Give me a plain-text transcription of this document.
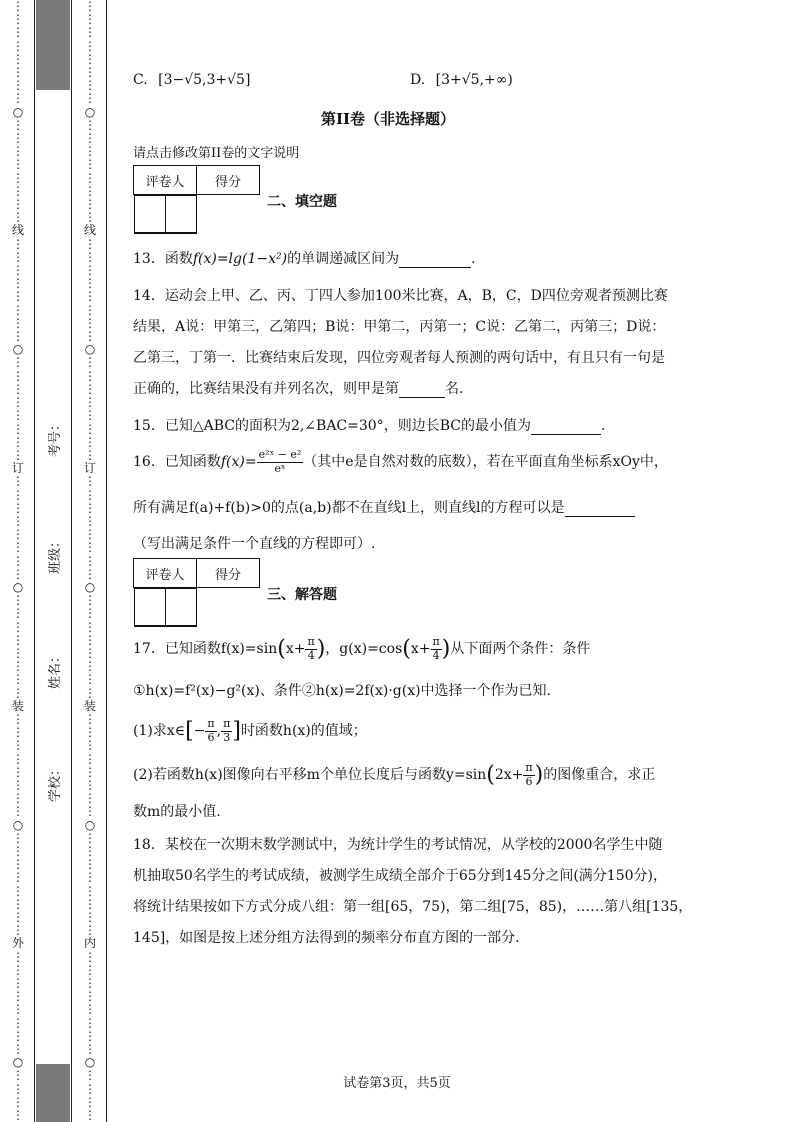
⋮
⋮
⋮
⋮
⋮
⋮
⋮
⋮
○
⋮
⋮
⋮
⋮
⋮
⋮
⋮
⋮
线
⋮
⋮
⋮
⋮
⋮
⋮
⋮
⋮
○
⋮
⋮
⋮
⋮
⋮
⋮
⋮
⋮
订
⋮
⋮
⋮
⋮
⋮
⋮
⋮
⋮
○
⋮
⋮
⋮
⋮
⋮
⋮
⋮
⋮
装
⋮
⋮
⋮
⋮
⋮
⋮
⋮
⋮
○
⋮
⋮
⋮
⋮
⋮
⋮
⋮
⋮
外
⋮
⋮
⋮
⋮
⋮
⋮
⋮
⋮
○
⋮
⋮
⋮
⋮
⋮
⋮
⋮
⋮
⋮
⋮
⋮
⋮
○
⋮
⋮
⋮
⋮
⋮
⋮
⋮
⋮
线
⋮
⋮
⋮
⋮
⋮
⋮
⋮
⋮
○
⋮
⋮
⋮
⋮
⋮
⋮
⋮
⋮
订
⋮
⋮
⋮
⋮
⋮
⋮
⋮
⋮
○
⋮
⋮
⋮
⋮
⋮
⋮
⋮
⋮
装
⋮
⋮
⋮
⋮
⋮
⋮
⋮
⋮
○
⋮
⋮
⋮
⋮
⋮
⋮
⋮
⋮
内
⋮
⋮
⋮
⋮
⋮
⋮
⋮
⋮
○
⋮
⋮
⋮
⋮
考号：
班级：
姓名：
学校：
C. [3−√5,3+√5]	D. [3+√5,+∞)
第II卷（非选择题）
请点击修改第II卷的文字说明
评卷人	得分

二、填空题
13．函数f(x)=lg(1−x²)的单调递减区间为	.
14．运动会上甲、乙、丙、丁四人参加100米比赛，A，B，C，D四位旁观者预测比赛
结果，A说：甲第三，乙第四；B说：甲第二，丙第一；C说：乙第二，丙第三；D说：
乙第三，丁第一．比赛结束后发现，四位旁观者每人预测的两句话中，有且只有一句是
正确的，比赛结果没有并列名次，则甲是第	名．
15．已知△ABC的面积为2,∠BAC=30°，则边长BC的最小值为	.
16．已知函数$f(x)= \frac{\text{e²ˣ − e²}}{\text{eˣ}}$ （其中e是自然对数的底数），若在平面直角坐标系xOy中，
所有满足f(a)+f(b)>0的点(a,b)都不在直线l上，则直线l的方程可以是
（写出满足条件一个直线的方程即可）.
评卷人	得分

三、解答题
17．已知函数$f(x)=\sin(x+ \frac{\pi}{4}$ )，$g(x)=\cos(x+ \frac{\pi}{4}$ )从下面两个条件：条件
①h(x)=f²(x)−g²(x)、条件②h(x)=2f(x)·g(x)中选择一个作为已知.
(1)求x∈[− $\frac{\pi}{6}$ , $\frac{\pi}{3}$ ]时函数h(x)的值域；
(2)若函数h(x)图像向右平移m个单位长度后与函数$y=\sin(2x+ \frac{\pi}{6}$ )的图像重合，求正
数m的最小值.
18．某校在一次期末数学测试中，为统计学生的考试情况，从学校的2000名学生中随
机抽取50名学生的考试成绩，被测学生成绩全部介于65分到145分之间(满分150分)，
将统计结果按如下方式分成八组：第一组[65，75)，第二组[75，85)，……第八组[135，
145]，如图是按上述分组方法得到的频率分布直方图的一部分.
试卷第3页，共5页
